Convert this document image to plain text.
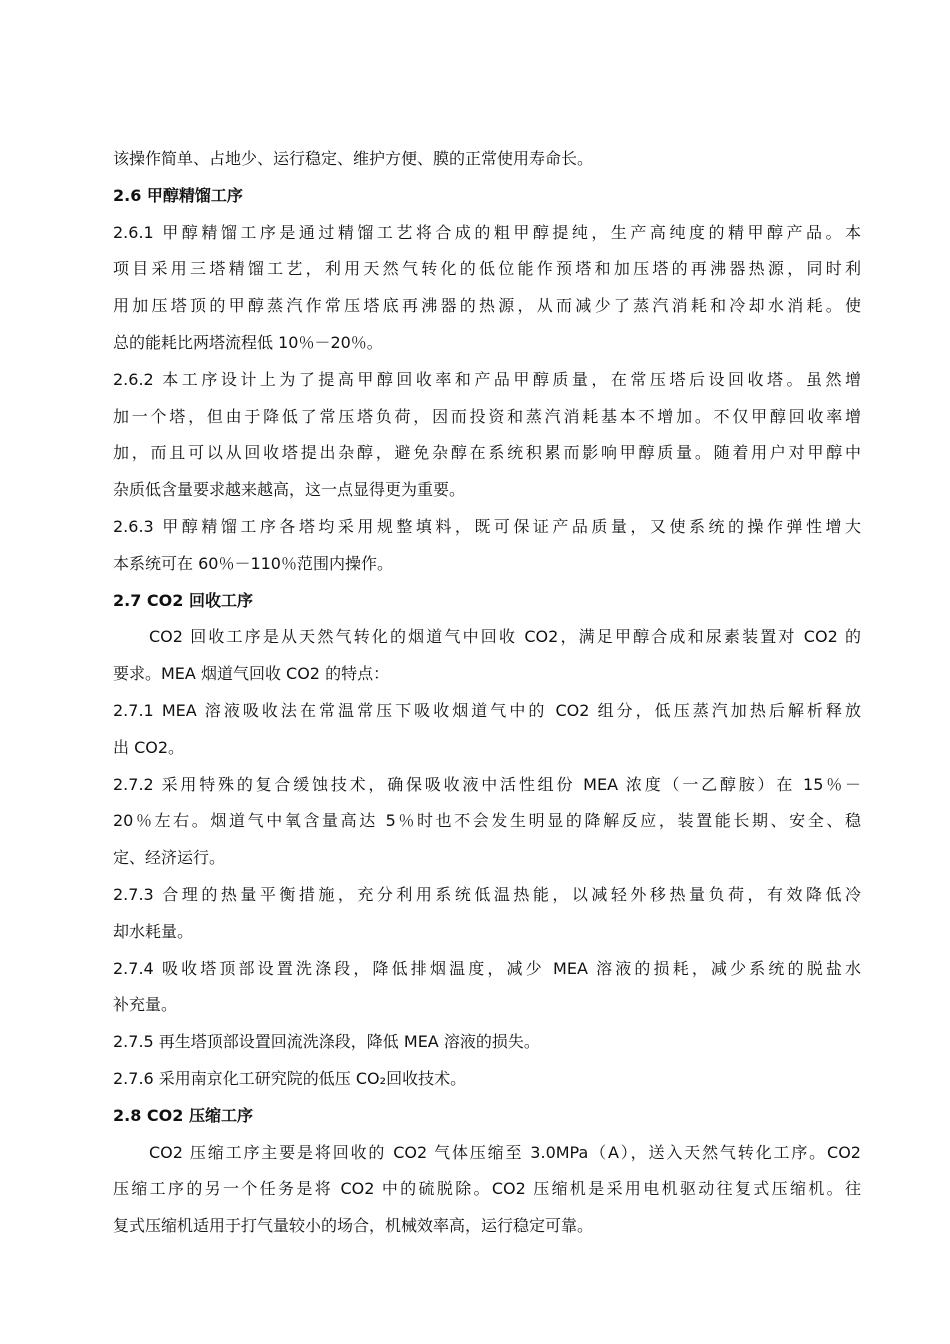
该操作简单、占地少、运行稳定、维护方便、膜的正常使用寿命长。
2.6 甲醇精馏工序
2.6.1 甲醇精馏工序是通过精馏工艺将合成的粗甲醇提纯，生产高纯度的精甲醇产品。本
项目采用三塔精馏工艺，利用天然气转化的低位能作预塔和加压塔的再沸器热源，同时利
用加压塔顶的甲醇蒸汽作常压塔底再沸器的热源，从而减少了蒸汽消耗和冷却水消耗。使
总的能耗比两塔流程低 10％－20％。
2.6.2 本工序设计上为了提高甲醇回收率和产品甲醇质量，在常压塔后设回收塔。虽然增
加一个塔，但由于降低了常压塔负荷，因而投资和蒸汽消耗基本不增加。不仅甲醇回收率增
加，而且可以从回收塔提出杂醇，避免杂醇在系统积累而影响甲醇质量。随着用户对甲醇中
杂质低含量要求越来越高，这一点显得更为重要。
2.6.3 甲醇精馏工序各塔均采用规整填料，既可保证产品质量，又使系统的操作弹性增大
本系统可在 60％－110％范围内操作。
2.7 CO2 回收工序
CO2 回收工序是从天然气转化的烟道气中回收 CO2，满足甲醇合成和尿素装置对 CO2 的
要求。MEA 烟道气回收 CO2 的特点：
2.7.1 MEA 溶液吸收法在常温常压下吸收烟道气中的 CO2 组分，低压蒸汽加热后解析释放
出 CO2。
2.7.2 采用特殊的复合缓蚀技术，确保吸收液中活性组份 MEA 浓度（一乙醇胺）在 15％－
20％左右。烟道气中氧含量高达 5％时也不会发生明显的降解反应，装置能长期、安全、稳
定、经济运行。
2.7.3 合理的热量平衡措施，充分利用系统低温热能，以减轻外移热量负荷，有效降低冷
却水耗量。
2.7.4 吸收塔顶部设置洗涤段，降低排烟温度，减少 MEA 溶液的损耗，减少系统的脱盐水
补充量。
2.7.5 再生塔顶部设置回流洗涤段，降低 MEA 溶液的损失。
2.7.6 采用南京化工研究院的低压 CO₂回收技术。
2.8 CO2 压缩工序
CO2 压缩工序主要是将回收的 CO2 气体压缩至 3.0MPa（A），送入天然气转化工序。CO2
压缩工序的另一个任务是将 CO2 中的硫脱除。CO2 压缩机是采用电机驱动往复式压缩机。往
复式压缩机适用于打气量较小的场合，机械效率高，运行稳定可靠。
